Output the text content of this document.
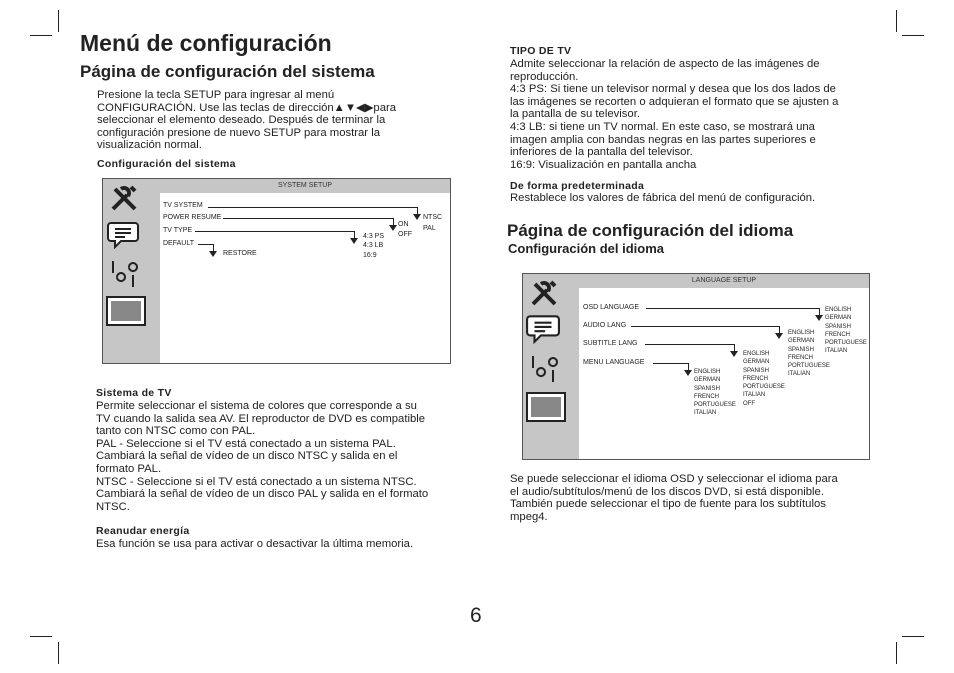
Menú de configuración
Página de configuración del sistema

Presione la tecla SETUP para ingresar al menú
CONFIGURACIÓN. Use las teclas de dirección▲▼◀▶para
seleccionar el elemento deseado. Después de terminar la
configuración presione de nuevo SETUP para mostrar la
visualización normal.

Configuración del sistema

SYSTEM SETUP
TV SYSTEM
POWER RESUME
TV TYPE
DEFAULT
NTSC
PAL
ON
OFF
4:3 PS
4:3 LB
16:9
RESTORE

Sistema de TV

Permite seleccionar el sistema de colores que corresponde a su
TV cuando la salida sea AV. El reproductor de DVD es compatible
tanto con NTSC como con PAL.
PAL - Seleccione si el TV está conectado a un sistema PAL.
Cambiará la señal de vídeo de un disco NTSC y salida en el
formato PAL.
NTSC - Seleccione si el TV está conectado a un sistema NTSC.
Cambiará la señal de vídeo de un disco PAL y salida en el formato
NTSC.

Reanudar energía

Esa función se usa para activar o desactivar la última memoria.

TIPO DE TV

Admite seleccionar la relación de aspecto de las imágenes de
reproducción.
4:3 PS: Si tiene un televisor normal y desea que los dos lados de
las imágenes se recorten o adquieran el formato que se ajusten a
la pantalla de su televisor.
4:3 LB: si tiene un TV normal. En este caso, se mostrará una
imagen amplia con bandas negras en las partes superiores e
inferiores de la pantalla del televisor.
16:9: Visualización en pantalla ancha

De forma predeterminada

Restablece los valores de fábrica del menú de configuración.

Página de configuración del idioma

Configuración del idioma

LANGUAGE SETUP
OSD LANGUAGE
AUDIO LANG
SUBTITLE LANG
MENU LANGUAGE
ENGLISH
GERMAN
SPANISH
FRENCH
PORTUGUESE
ITALIAN
ENGLISH
GERMAN
SPANISH
FRENCH
PORTUGUESE
ITALIAN
ENGLISH
GERMAN
SPANISH
FRENCH
PORTUGUESE
ITALIAN
OFF
ENGLISH
GERMAN
SPANISH
FRENCH
PORTUGUESE
ITALIAN

Se puede seleccionar el idioma OSD y seleccionar el idioma para
el audio/subtítulos/menú de los discos DVD, si está disponible.
También puede seleccionar el tipo de fuente para los subtítulos
mpeg4.

6
